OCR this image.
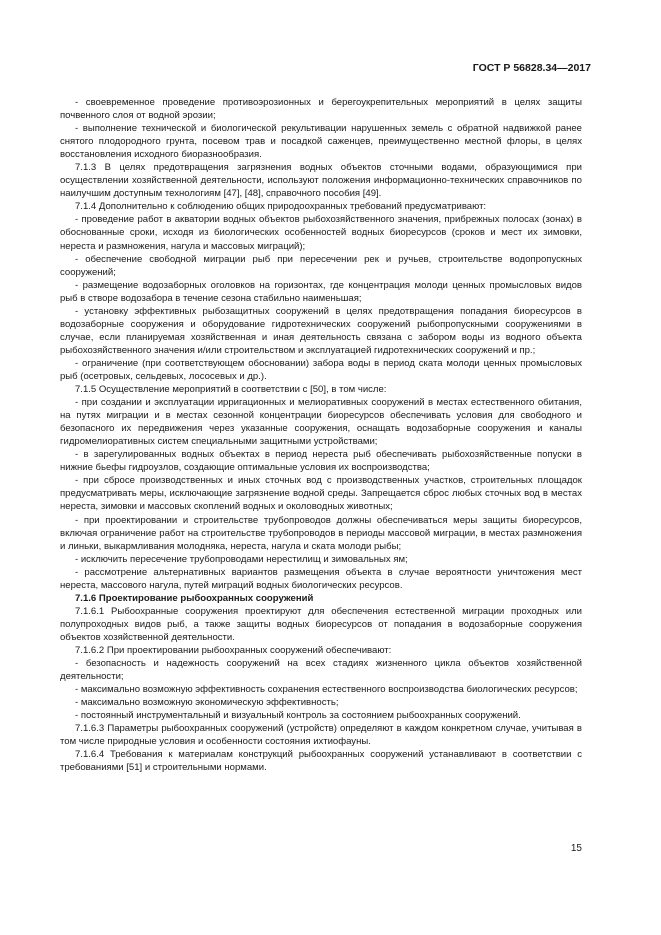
ГОСТ Р 56828.34—2017

- своевременное проведение противоэрозионных и берегоукрепительных мероприятий в целях защиты почвенного слоя от водной эрозии;

- выполнение технической и биологической рекультивации нарушенных земель с обратной надвижкой ранее снятого плодородного грунта, посевом трав и посадкой саженцев, преимущественно местной флоры, в целях восстановления исходного биоразнообразия.

7.1.3 В целях предотвращения загрязнения водных объектов сточными водами, образующимися при осуществлении хозяйственной деятельности, используют положения информационно-технических справочников по наилучшим доступным технологиям [47], [48], справочного пособия [49].

7.1.4 Дополнительно к соблюдению общих природоохранных требований предусматривают:

- проведение работ в акватории водных объектов рыбохозяйственного значения, прибрежных полосах (зонах) в обоснованные сроки, исходя из биологических особенностей водных биоресурсов (сроков и мест их зимовки, нереста и размножения, нагула и массовых миграций);

- обеспечение свободной миграции рыб при пересечении рек и ручьев, строительстве водопропускных сооружений;

- размещение водозаборных оголовков на горизонтах, где концентрация молоди ценных промысловых видов рыб в створе водозабора в течение сезона стабильно наименьшая;

- установку эффективных рыбозащитных сооружений в целях предотвращения попадания биоресурсов в водозаборные сооружения и оборудование гидротехнических сооружений рыбопропускными сооружениями в случае, если планируемая хозяйственная и иная деятельность связана с забором воды из водного объекта рыбохозяйственного значения и/или строительством и эксплуатацией гидротехнических сооружений и пр.;

- ограничение (при соответствующем обосновании) забора воды в период ската молоди ценных промысловых рыб (осетровых, сельдевых, лососевых и др.).

7.1.5 Осуществление мероприятий в соответствии с [50], в том числе:

- при создании и эксплуатации ирригационных и мелиоративных сооружений в местах естественного обитания, на путях миграции и в местах сезонной концентрации биоресурсов обеспечивать условия для свободного и безопасного их передвижения через указанные сооружения, оснащать водозаборные сооружения и каналы гидромелиоративных систем специальными защитными устройствами;

- в зарегулированных водных объектах в период нереста рыб обеспечивать рыбохозяйственные попуски в нижние бьефы гидроузлов, создающие оптимальные условия их воспроизводства;

- при сбросе производственных и иных сточных вод с производственных участков, строительных площадок предусматривать меры, исключающие загрязнение водной среды. Запрещается сброс любых сточных вод в местах нереста, зимовки и массовых скоплений водных и околоводных животных;

- при проектировании и строительстве трубопроводов должны обеспечиваться меры защиты биоресурсов, включая ограничение работ на строительстве трубопроводов в периоды массовой миграции, в местах размножения и линьки, выкармливания молодняка, нереста, нагула и ската молоди рыбы;

- исключить пересечение трубопроводами нерестилищ и зимовальных ям;

- рассмотрение альтернативных вариантов размещения объекта в случае вероятности уничтожения мест нереста, массового нагула, путей миграций водных биологических ресурсов.

7.1.6 Проектирование рыбоохранных сооружений

7.1.6.1 Рыбоохранные сооружения проектируют для обеспечения естественной миграции проходных или полупроходных видов рыб, а также защиты водных биоресурсов от попадания в водозаборные сооружения объектов хозяйственной деятельности.

7.1.6.2 При проектировании рыбоохранных сооружений обеспечивают:

- безопасность и надежность сооружений на всех стадиях жизненного цикла объектов хозяйственной деятельности;

- максимально возможную эффективность сохранения естественного воспроизводства биологических ресурсов;

- максимально возможную экономическую эффективность;

- постоянный инструментальный и визуальный контроль за состоянием рыбоохранных сооружений.

7.1.6.3 Параметры рыбоохранных сооружений (устройств) определяют в каждом конкретном случае, учитывая в том числе природные условия и особенности состояния ихтиофауны.

7.1.6.4 Требования к материалам конструкций рыбоохранных сооружений устанавливают в соответствии с требованиями [51] и строительными нормами.

15
